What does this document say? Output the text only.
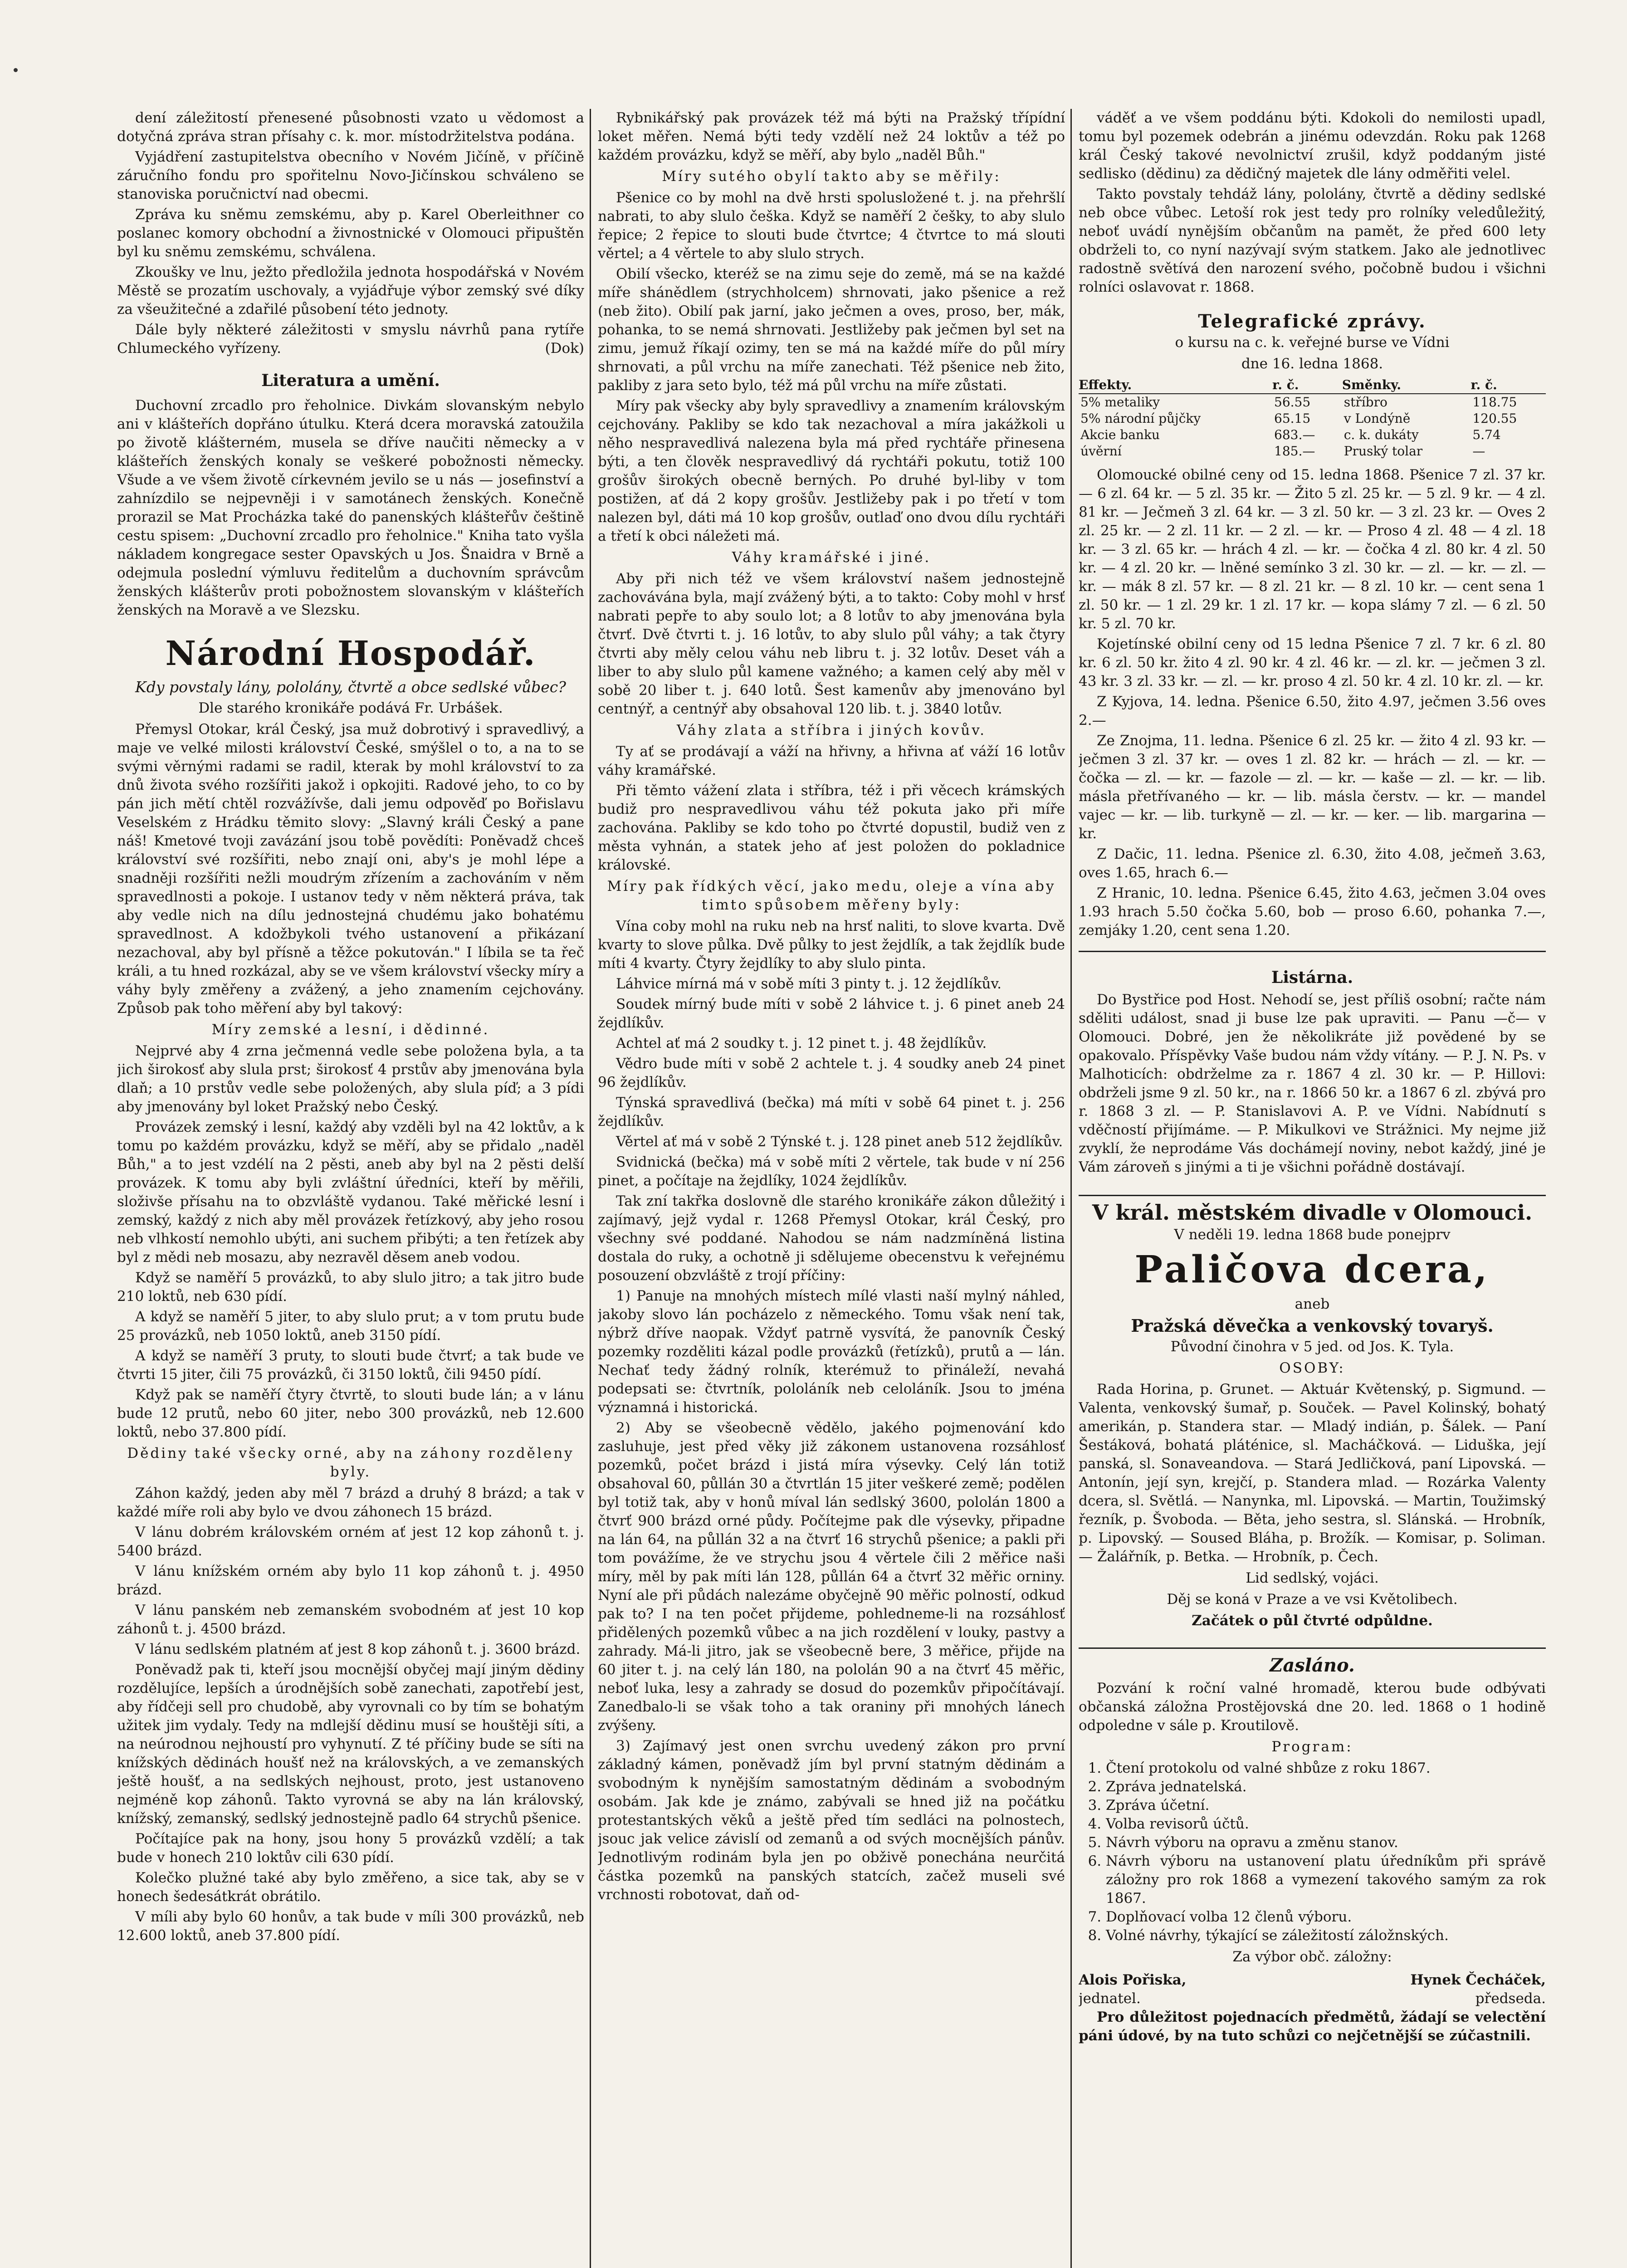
dení záležitostí přenesené působnosti vzato u vědomost a dotyčná zpráva stran přísahy c. k. mor. místodržitelstva podána.

Vyjádření zastupitelstva obecního v Novém Jičíně, v příčině záručního fondu pro spořitelnu Novo-Jičínskou schváleno se stanoviska poručnictví nad obecmi.

Zpráva ku sněmu zemskému, aby p. Karel Oberleithner co poslanec komory obchodní a živnostnické v Olomouci připuštěn byl ku sněmu zemskému, schválena.

Zkoušky ve lnu, ježto předložila jednota hospodářská v Novém Městě se prozatím uschovaly, a vyjádřuje výbor zemský své díky za všeužitečné a zdařilé působení této jednoty.

Dále byly některé záležitosti v smyslu návrhů pana rytíře Chlumeckého vyřízeny.	(Dok)

Literatura a umění.

Duchovní zrcadlo pro řeholnice. Divkám slovanským nebylo ani v klášteřích dopřáno útulku. Která dcera moravská zatoužila po životě klášterném, musela se dříve naučiti německy a v klášteřích ženských konaly se veškeré pobožnosti německy. Všude a ve všem životě církevném jevilo se u nás — josefinství a zahnízdilo se nejpevněji i v samotánech ženských. Konečně prorazil se Mat Procházka také do panenských klášteřův češtině cestu spisem: „Duchovní zrcadlo pro řeholnice." Kniha tato vyšla nákladem kongregace sester Opavských u Jos. Šnaidra v Brně a odejmula poslední výmluvu ředitelům a duchovním správcům ženských klášterův proti pobožnostem slovanským v klášteřích ženských na Moravě a ve Slezsku.

Národní Hospodář.
Kdy povstaly lány, pololány, čtvrtě a obce sedlské vůbec?

Dle starého kronikáře podává Fr. Urbášek.

Přemysl Otokar, král Český, jsa muž dobrotivý i spravedlivý, a maje ve velké milosti království České, smýšlel o to, a na to se svými věrnými radami se radil, kterak by mohl království to za dnů života svého rozšířiti jakož i opkojiti. Radové jeho, to co by pán jich mětí chtěl rozvážívše, dali jemu odpověď po Bořislavu Veselském z Hrádku těmito slovy: „Slavný králi Český a pane náš! Kmetové tvoji zavázání jsou tobě povědíti: Poněvadž chceš království své rozšířiti, nebo znají oni, aby's je mohl lépe a snadněji rozšířiti nežli moudrým zřízením a zachováním v něm spravedlnosti a pokoje. I ustanov tedy v něm některá práva, tak aby vedle nich na dílu jednostejná chudému jako bohatému spravedlnost. A kdožbykoli tvého ustanovení a přikázaní nezachoval, aby byl přísně a těžce pokutován." I líbila se ta řeč králi, a tu hned rozkázal, aby se ve všem království všecky míry a váhy byly změřeny a zvážený, a jeho znamením cejchovány. Způsob pak toho měření aby byl takový:

Míry zemské a lesní, i dědinné.

Nejprvé aby 4 zrna ječmenná vedle sebe položena byla, a ta jich širokosť aby slula prst; širokosť 4 prstův aby jmenována byla dlaň; a 10 prstův vedle sebe položených, aby slula píď; a 3 pídi aby jmenovány byl loket Pražský nebo Český.

Provázek zemský i lesní, každý aby vzděli byl na 42 loktův, a k tomu po každém provázku, když se měří, aby se přidalo „naděl Bůh," a to jest vzdélí na 2 pěsti, aneb aby byl na 2 pěsti delší provázek. K tomu aby byli zvláštní úředníci, kteří by měřili, složivše přísahu na to obzvláště vydanou. Také měřické lesní i zemský, každý z nich aby měl provázek řetízkový, aby jeho rosou neb vlhkostí nemohlo ubýti, ani suchem přibýti; a ten řetízek aby byl z mědi neb mosazu, aby nezravěl děsem aneb vodou.

Když se naměří 5 provázků, to aby slulo jitro; a tak jitro bude 210 loktů, neb 630 pídí.

A když se naměří 5 jiter, to aby slulo prut; a v tom prutu bude 25 provázků, neb 1050 loktů, aneb 3150 pídí.

A když se naměří 3 pruty, to slouti bude čtvrť; a tak bude ve čtvrti 15 jiter, čili 75 provázků, či 3150 loktů, čili 9450 pídí.

Když pak se naměří čtyry čtvrtě, to slouti bude lán; a v lánu bude 12 prutů, nebo 60 jiter, nebo 300 provázků, neb 12.600 loktů, nebo 37.800 pídí.

Dědiny také všecky orné, aby na záhony rozděleny byly.

Záhon každý, jeden aby měl 7 brázd a druhý 8 brázd; a tak v každé míře roli aby bylo ve dvou záhonech 15 brázd.

V lánu dobrém královském orném ať jest 12 kop záhonů t. j. 5400 brázd.

V lánu knížském orném aby bylo 11 kop záhonů t. j. 4950 brázd.

V lánu panském neb zemanském svobodném ať jest 10 kop záhonů t. j. 4500 brázd.

V lánu sedlském platném ať jest 8 kop záhonů t. j. 3600 brázd.

Poněvadž pak ti, kteří jsou mocnější obyčej mají jiným dědiny rozdělujíce, lepších a úrodnějších sobě zanechati, zapotřebí jest, aby řídčeji sell pro chudobě, aby vyrovnali co by tím se bohatým užitek jim vydaly. Tedy na mdlejší dědinu musí se houštěji síti, a na neúrodnou nejhoustí pro vyhynutí. Z té příčiny bude se síti na knížských dědinách houšť než na královských, a ve zemanských ještě houšť, a na sedlských nejhoust, proto, jest ustanoveno nejméně kop záhonů. Takto vyrovná se aby na lán královský, knížský, zemanský, sedlský jednostejně padlo 64 strychů pšenice.

Počítajíce pak na hony, jsou hony 5 provázků vzdělí; a tak bude v honech 210 loktův cili 630 pídí.

Kolečko plužné také aby bylo změřeno, a sice tak, aby se v honech šedesátkrát obrátilo.

V míli aby bylo 60 honův, a tak bude v míli 300 provázků, neb 12.600 loktů, aneb 37.800 pídí.

Rybnikářský pak provázek též má býti na Pražský třípídní loket měřen. Nemá býti tedy vzdělí než 24 loktův a též po každém provázku, když se měří, aby bylo „naděl Bůh."

Míry sutého obylí takto aby se měřily:

Pšenice co by mohl na dvě hrsti spolusložené t. j. na přehršlí nabrati, to aby slulo češka. Když se naměří 2 češky, to aby slulo řepice; 2 řepice to slouti bude čtvrtce; 4 čtvrtce to má slouti věrtel; a 4 věrtele to aby slulo strych.

Obilí všecko, kteréž se na zimu seje do země, má se na každé míře shánědlem (strychholcem) shrnovati, jako pšenice a rež (neb žito). Obilí pak jarní, jako ječmen a oves, proso, ber, mák, pohanka, to se nemá shrnovati. Jestližeby pak ječmen byl set na zimu, jemuž říkají ozimy, ten se má na každé míře do půl míry shrnovati, a půl vrchu na míře zanechati. Též pšenice neb žito, pakliby z jara seto bylo, též má půl vrchu na míře zůstati.

Míry pak všecky aby byly spravedlivy a znamením královským cejchovány. Pakliby se kdo tak nezachoval a míra jakážkoli u něho nespravedlivá nalezena byla má před rychtáře přinesena býti, a ten člověk nespravedlivý dá rychtáři pokutu, totiž 100 grošův širokých obecně berných. Po druhé byl-liby v tom postižen, ať dá 2 kopy grošův. Jestližeby pak i po třetí v tom nalezen byl, dáti má 10 kop grošův, outlaď ono dvou dílu rychtáři a třetí k obci náležeti má.

Váhy kramářské i jiné.

Aby při nich též ve všem království našem jednostejně zachovávána byla, mají zvážený býti, a to takto: Coby mohl v hrsť nabrati pepře to aby soulo lot; a 8 lotův to aby jmenována byla čtvrť. Dvě čtvrti t. j. 16 lotův, to aby slulo půl váhy; a tak čtyry čtvrti aby měly celou váhu neb libru t. j. 32 lotův. Deset váh a liber to aby slulo půl kamene važného; a kamen celý aby měl v sobě 20 liber t. j. 640 lotů. Šest kamenův aby jmenováno byl centnýř, a centnýř aby obsahoval 120 lib. t. j. 3840 lotův.

Váhy zlata a stříbra i jiných kovův.

Ty ať se prodávají a váží na hřivny, a hřivna ať váží 16 lotův váhy kramářské.

Při těmto vážení zlata i stříbra, též i při věcech krámských budiž pro nespravedlivou váhu též pokuta jako při míře zachována. Pakliby se kdo toho po čtvrté dopustil, budiž ven z města vyhnán, a statek jeho ať jest položen do pokladnice královské.

Míry pak řídkých věcí, jako medu, oleje a vína aby timto spůsobem měřeny byly:

Vína coby mohl na ruku neb na hrsť naliti, to slove kvarta. Dvě kvarty to slove půlka. Dvě půlky to jest žejdlík, a tak žejdlík bude míti 4 kvarty. Čtyry žejdlíky to aby slulo pinta.

Láhvice mírná má v sobě míti 3 pinty t. j. 12 žejdlíkův.

Soudek mírný bude míti v sobě 2 láhvice t. j. 6 pinet aneb 24 žejdlíkův.

Achtel ať má 2 soudky t. j. 12 pinet t. j. 48 žejdlíkův.

Vědro bude míti v sobě 2 achtele t. j. 4 soudky aneb 24 pinet 96 žejdlíkův.

Týnská spravedlivá (bečka) má míti v sobě 64 pinet t. j. 256 žejdlíkův.

Věrtel ať má v sobě 2 Týnské t. j. 128 pinet aneb 512 žejdlíkův.

Svidnická (bečka) má v sobě míti 2 věrtele, tak bude v ní 256 pinet, a počítaje na žejdlíky, 1024 žejdlíkův.

Tak zní takřka doslovně dle starého kronikáře zákon důležitý i zajímavý, jejž vydal r. 1268 Přemysl Otokar, král Český, pro všechny své poddané. Nahodou se nám nadzmíněná listina dostala do ruky, a ochotně ji sdělujeme obecenstvu k veřejnému posouzení obzvláště z trojí příčiny:

1) Panuje na mnohých místech mílé vlasti naší mylný náhled, jakoby slovo lán pocházelo z německého. Tomu však není tak, nýbrž dříve naopak. Vždyť patrně vysvítá, že panovník Český pozemky rozděliti kázal podle provázků (řetízků), prutů a — lán. Nechať tedy žádný rolník, kterémuž to přináleží, nevahá podepsati se: čtvrtník, pololáník neb celoláník. Jsou to jména významná i historická.

2) Aby se všeobecně vědělo, jakého pojmenování kdo zasluhuje, jest před věky již zákonem ustanovena rozsáhlosť pozemků, počet brázd i jistá míra výsevky. Celý lán totiž obsahoval 60, půllán 30 a čtvrtlán 15 jiter veškeré země; podělen byl totiž tak, aby v honů míval lán sedlský 3600, pololán 1800 a čtvrť 900 brázd orné půdy. Počítejme pak dle výsevky, připadne na lán 64, na půllán 32 a na čtvrť 16 strychů pšenice; a pakli při tom povážíme, že ve strychu jsou 4 věrtele čili 2 měřice naši míry, měl by pak míti lán 128, půllán 64 a čtvrť 32 měřic orniny. Nyní ale při půdách nalezáme obyčejně 90 měřic polností, odkud pak to? I na ten počet přijdeme, pohledneme-li na rozsáhlosť přidělených pozemků vůbec a na jich rozdělení v louky, pastvy a zahrady. Má-li jitro, jak se všeobecně bere, 3 měřice, přijde na 60 jiter t. j. na celý lán 180, na pololán 90 a na čtvrť 45 měřic, neboť luka, lesy a zahrady se dosud do pozemkův připočítávají. Zanedbalo-li se však toho a tak oraniny při mnohých lánech zvýšeny.

3) Zajímavý jest onen svrchu uvedený zákon pro první základný kámen, poněvadž jím byl první statným dědinám a svobodným k nynějším samostatným dědinám a svobodným osobám. Jak kde je známo, zabývali se hned již na počátku protestantských věků a ještě před tím sedláci na polnostech, jsouc jak velice závislí od zemanů a od svých mocnějších pánův. Jednotlivým rodinám byla jen po obživě ponechána neurčitá částka pozemků na panských statcích, začež museli své vrchnosti robotovat, daň od-

váděť a ve všem poddánu býti. Kdokoli do nemilosti upadl, tomu byl pozemek odebrán a jinému odevzdán. Roku pak 1268 král Český takové nevolnictví zrušil, když poddaným jisté sedlisko (dědinu) za dědičný majetek dle lány odměřiti velel.

Takto povstaly tehdáž lány, pololány, čtvrtě a dědiny sedlské neb obce vůbec. Letoší rok jest tedy pro rolníky veledůležitý, neboť uvádí nynějším občanům na pamět, že před 600 lety obdrželi to, co nyní nazývají svým statkem. Jako ale jednotlivec radostně světívá den narození svého, počobně budou i všichni rolníci oslavovat r. 1868.

Telegrafické zprávy.

o kursu na c. k. veřejné burse ve Vídni

dne 16. ledna 1868.

Effekty.	r. č.	Směnky.	r. č.
5% metaliky	56.55	stříbro	118.75
5% národní půjčky	65.15	v Londýně	120.55
Akcie banku	683.—	c. k. dukáty	5.74
úvěrní	185.—	Pruský tolar	—

Olomoucké obilné ceny od 15. ledna 1868. Pšenice 7 zl. 37 kr. — 6 zl. 64 kr. — 5 zl. 35 kr. — Žito 5 zl. 25 kr. — 5 zl. 9 kr. — 4 zl. 81 kr. — Ječmeň 3 zl. 64 kr. — 3 zl. 50 kr. — 3 zl. 23 kr. — Oves 2 zl. 25 kr. — 2 zl. 11 kr. — 2 zl. — kr. — Proso 4 zl. 48 — 4 zl. 18 kr. — 3 zl. 65 kr. — hrách 4 zl. — kr. — čočka 4 zl. 80 kr. 4 zl. 50 kr. — 4 zl. 20 kr. — lněné semínko 3 zl. 30 kr. — zl. — kr. — zl. — kr. — mák 8 zl. 57 kr. — 8 zl. 21 kr. — 8 zl. 10 kr. — cent sena 1 zl. 50 kr. — 1 zl. 29 kr. 1 zl. 17 kr. — kopa slámy 7 zl. — 6 zl. 50 kr. 5 zl. 70 kr.

Kojetínské obilní ceny od 15 ledna Pšenice 7 zl. 7 kr. 6 zl. 80 kr. 6 zl. 50 kr. žito 4 zl. 90 kr. 4 zl. 46 kr. — zl. kr. — ječmen 3 zl. 43 kr. 3 zl. 33 kr. — zl. — kr. proso 4 zl. 50 kr. 4 zl. 10 kr. zl. — kr.

Z Kyjova, 14. ledna. Pšenice 6.50, žito 4.97, ječmen 3.56 oves 2.—

Ze Znojma, 11. ledna. Pšenice 6 zl. 25 kr. — žito 4 zl. 93 kr. — ječmen 3 zl. 37 kr. — oves 1 zl. 82 kr. — hrách — zl. — kr. — čočka — zl. — kr. — fazole — zl. — kr. — kaše — zl. — kr. — lib. másla přetřívaného — kr. — lib. másla čerstv. — kr. — mandel vajec — kr. — lib. turkyně — zl. — kr. — ker. — lib. margarina — kr.

Z Dačic, 11. ledna. Pšenice zl. 6.30, žito 4.08, ječmeň 3.63, oves 1.65, hrach 6.—

Z Hranic, 10. ledna. Pšenice 6.45, žito 4.63, ječmen 3.04 oves 1.93 hrach 5.50 čočka 5.60, bob — proso 6.60, pohanka 7.—, zemjáky 1.20, cent sena 1.20.

Listárna.

Do Bystřice pod Host. Nehodí se, jest příliš osobní; račte nám sděliti událost, snad ji buse lze pak upraviti. — Panu —č— v Olomouci. Dobré, jen že několikráte již povědené by se opakovalo. Příspěvky Vaše budou nám vždy vítány. — P. J. N. Ps. v Malhoticích: obdrželme za r. 1867 4 zl. 30 kr. — P. Hillovi: obdrželi jsme 9 zl. 50 kr., na r. 1866 50 kr. a 1867 6 zl. zbývá pro r. 1868 3 zl. — P. Stanislavovi A. P. ve Vídni. Nabídnutí s vděčností přijímáme. — P. Mikulkovi ve Strážnici. My nejme již zvyklí, že neprodáme Vás dochámejí noviny, nebot každý, jiné je Vám zároveň s jinými a ti je všichni pořádně dostávají.

V král. městském divadle v Olomouci.

V neděli 19. ledna 1868 bude ponejprv

Paličova dcera,

aneb

Pražská děvečka a venkovský tovaryš.

Původní činohra v 5 jed. od Jos. K. Tyla.

OSOBY:

Rada Horina, p. Grunet. — Aktuár Květenský, p. Sigmund. — Valenta, venkovský šumař, p. Souček. — Pavel Kolinský, bohatý amerikán, p. Standera star. — Mladý indián, p. Šálek. — Paní Šestáková, bohatá pláténice, sl. Macháčková. — Liduška, její panská, sl. Sonaveandova. — Stará Jedličková, paní Lipovská. — Antonín, její syn, krejčí, p. Standera mlad. — Rozárka Valenty dcera, sl. Světlá. — Nanynka, ml. Lipovská. — Martin, Toužimský řezník, p. Švoboda. — Běta, jeho sestra, sl. Slánská. — Hrobník, p. Lipovský. — Soused Bláha, p. Brožík. — Komisar, p. Soliman. — Žalářník, p. Betka. — Hrobník, p. Čech.

Lid sedlský, vojáci.

Děj se koná v Praze a ve vsi Květolibech.

Začátek o půl čtvrté odpůldne.

Zasláno.

Pozvání k roční valné hromadě, kterou bude odbývati občanská záložna Prostějovská dne 20. led. 1868 o 1 hodině odpoledne v sále p. Kroutilově.

Program:

1. Čtení protokolu od valné shbůze z roku 1867.
2. Zpráva jednatelská.
3. Zpráva účetní.
4. Volba revisorů účtů.
5. Návrh výboru na opravu a změnu stanov.
6. Návrh výboru na ustanovení platu úředníkům při správě záložny pro rok 1868 a vymezení takového samým za rok 1867.
7. Doplňovací volba 12 členů výboru.
8. Volné návrhy, týkající se záležitostí záložnských.

Za výbor obč. záložny:

Alois Pořiska,
jednatel.
Hynek Čecháček,
předseda.

Pro důležitost pojednacích předmětů, žádají se velectění páni údové, by na tuto schůzi co nejčetnější se zúčastnili.
